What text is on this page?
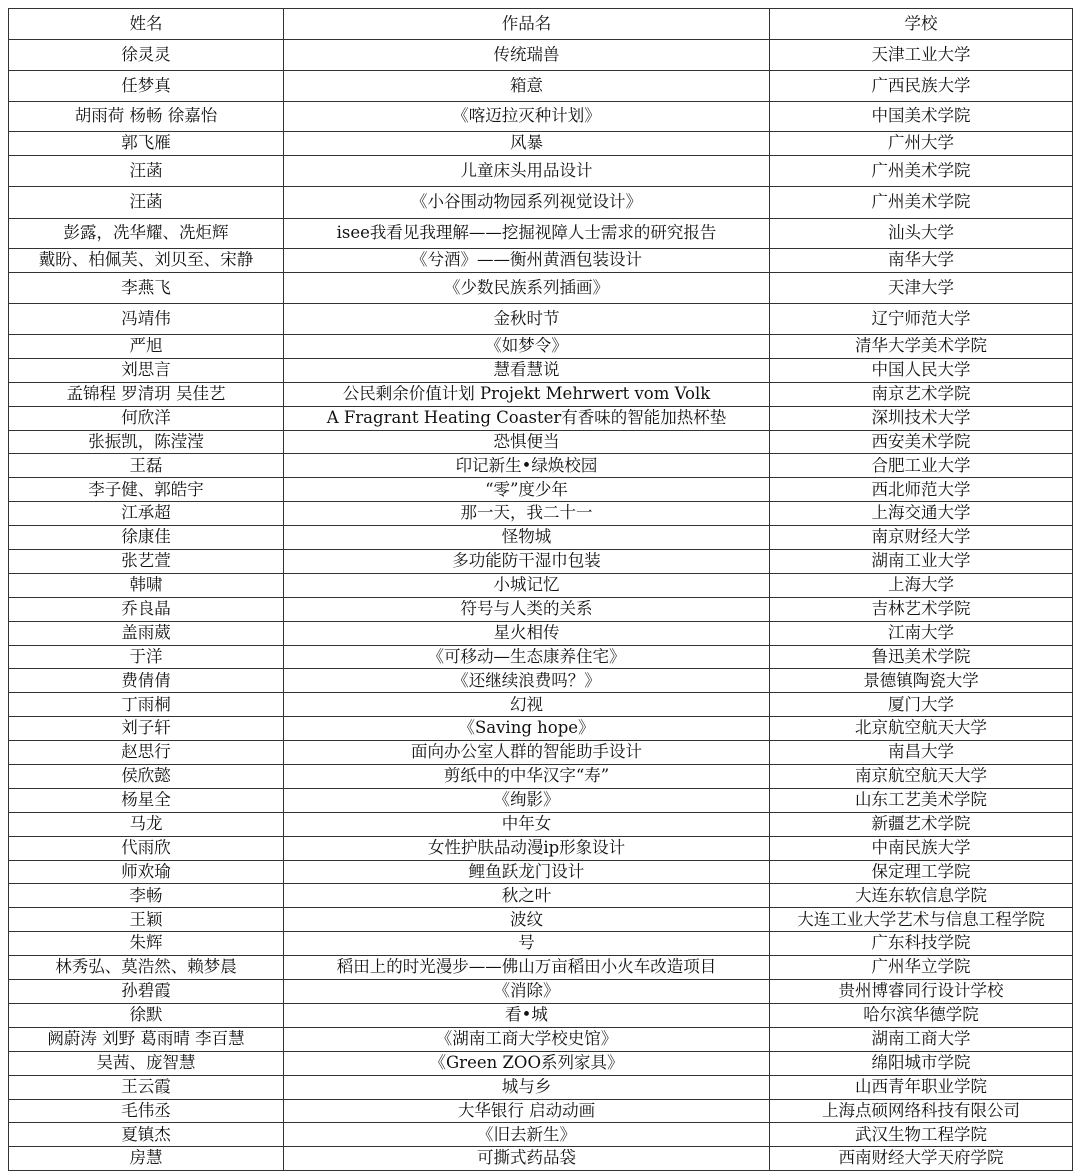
姓名	作品名	学校
徐灵灵	传统瑞兽	天津工业大学
任梦真	箱意	广西民族大学
胡雨荷 杨畅 徐嘉怡	《喀迈拉灭种计划》	中国美术学院
郭飞雁	风暴	广州大学
汪菡	儿童床头用品设计	广州美术学院
汪菡	《小谷围动物园系列视觉设计》	广州美术学院
彭露，冼华耀、冼炬辉	isee我看见我理解——挖掘视障人士需求的研究报告	汕头大学
戴盼、柏佩芙、刘贝至、宋静	《兮酒》——衡州黄酒包装设计	南华大学
李燕飞	《少数民族系列插画》	天津大学
冯靖伟	金秋时节	辽宁师范大学
严旭	《如梦令》	清华大学美术学院
刘思言	慧看慧说	中国人民大学
孟锦程 罗清玥 吴佳艺	公民剩余价值计划 Projekt Mehrwert vom Volk	南京艺术学院
何欣洋	A Fragrant Heating Coaster有香味的智能加热杯垫	深圳技术大学
张振凯，陈滢滢	恐惧便当	西安美术学院
王磊	印记新生•绿焕校园	合肥工业大学
李子健、郭皓宇	“零”度少年	西北师范大学
江承超	那一天，我二十一	上海交通大学
徐康佳	怪物城	南京财经大学
张艺萱	多功能防干湿巾包装	湖南工业大学
韩啸	小城记忆	上海大学
乔良晶	符号与人类的关系	吉林艺术学院
盖雨葳	星火相传	江南大学
于洋	《可移动—生态康养住宅》	鲁迅美术学院
费倩倩	《还继续浪费吗？》	景德镇陶瓷大学
丁雨桐	幻视	厦门大学
刘子轩	《Saving hope》	北京航空航天大学
赵思行	面向办公室人群的智能助手设计	南昌大学
侯欣懿	剪纸中的中华汉字“寿”	南京航空航天大学
杨星全	《绚影》	山东工艺美术学院
马龙	中年女	新疆艺术学院
代雨欣	女性护肤品动漫ip形象设计	中南民族大学
师欢瑜	鲤鱼跃龙门设计	保定理工学院
李畅	秋之叶	大连东软信息学院
王颖	波纹	大连工业大学艺术与信息工程学院
朱辉	号	广东科技学院
林秀弘、莫浩然、赖梦晨	稻田上的时光漫步——佛山万亩稻田小火车改造项目	广州华立学院
孙碧霞	《消除》	贵州博睿同行设计学校
徐默	看•城	哈尔滨华德学院
阙蔚涛 刘野 葛雨晴 李百慧	《湖南工商大学校史馆》	湖南工商大学
吴茜、庞智慧	《Green ZOO系列家具》	绵阳城市学院
王云霞	城与乡	山西青年职业学院
毛伟丞	大华银行 启动动画	上海点硕网络科技有限公司
夏镇杰	《旧去新生》	武汉生物工程学院
房慧	可撕式药品袋	西南财经大学天府学院
